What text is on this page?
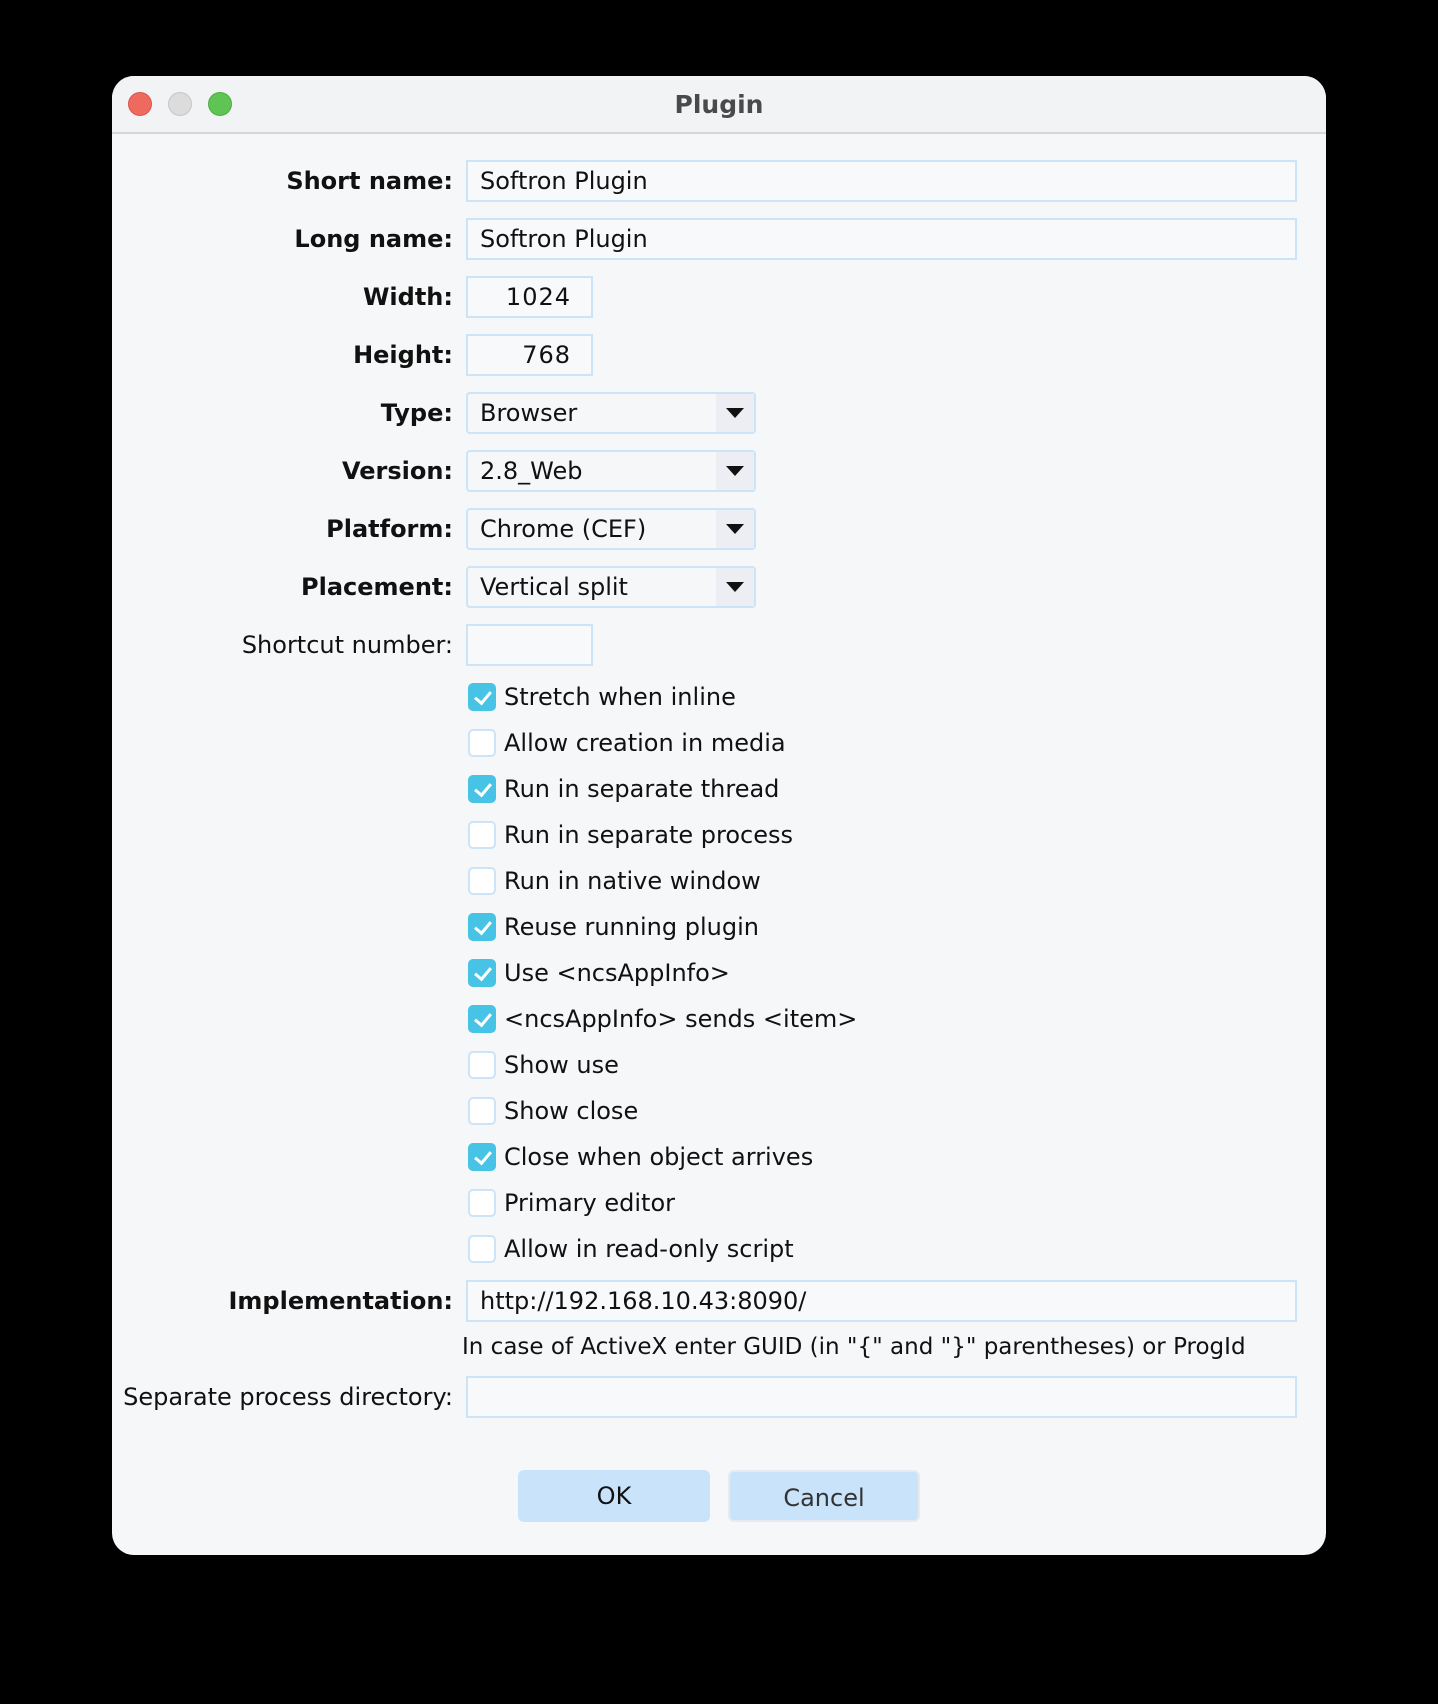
Plugin
Short name:	Softron Plugin
Long name:	Softron Plugin
Width:	1024
Height:	768
Type:	Browser
Version:	2.8_Web
Platform:	Chrome (CEF)
Placement:	Vertical split
Shortcut number:
Stretch when inline
Allow creation in media
Run in separate thread
Run in separate process
Run in native window
Reuse running plugin
Use <ncsAppInfo>
<ncsAppInfo> sends <item>
Show use
Show close
Close when object arrives
Primary editor
Allow in read-only script
Implementation:	http://192.168.10.43:8090/
In case of ActiveX enter GUID (in "{" and "}" parentheses) or ProgId
Separate process directory:
OK	Cancel
